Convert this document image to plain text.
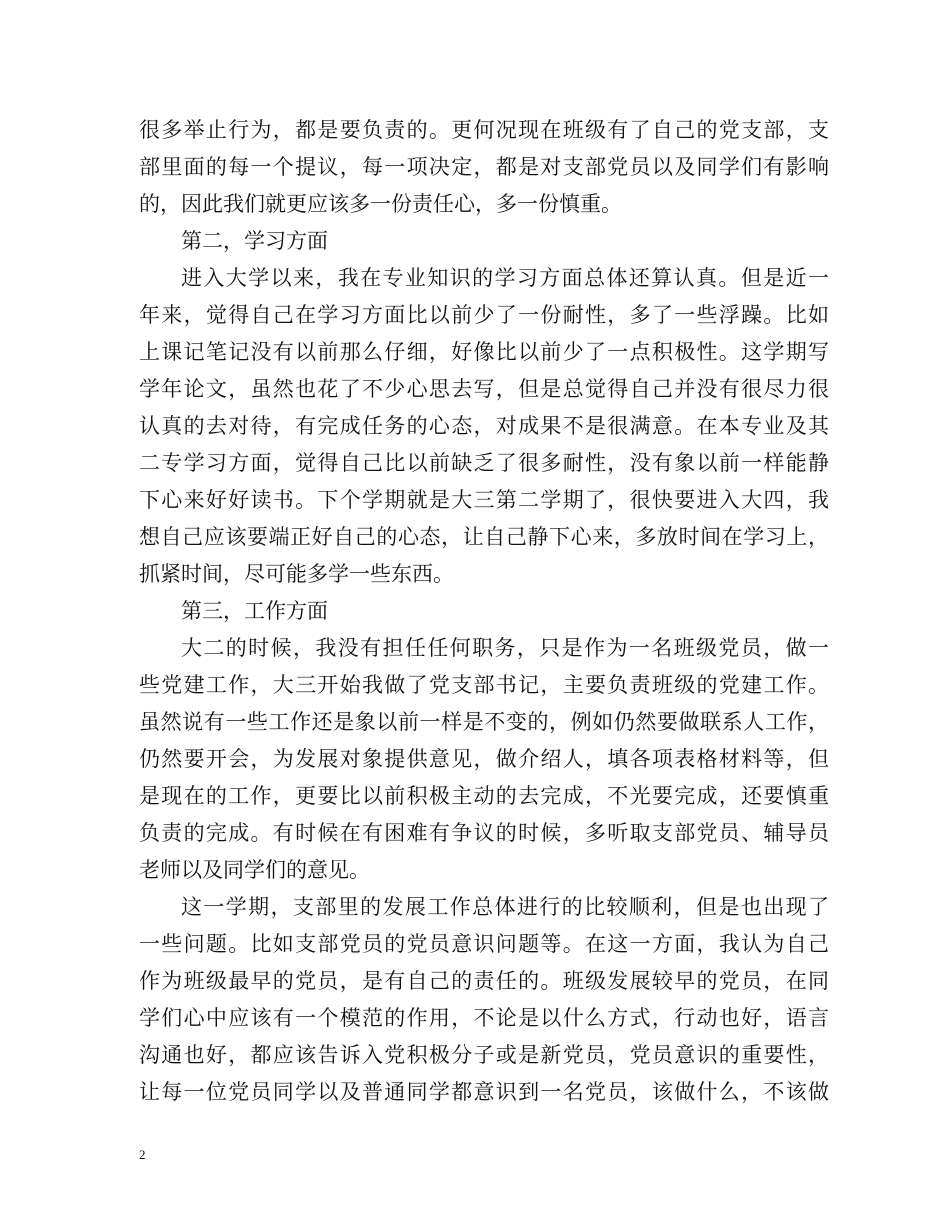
很多举止行为，都是要负责的。更何况现在班级有了自己的党支部，支
部里面的每一个提议，每一项决定，都是对支部党员以及同学们有影响
的，因此我们就更应该多一份责任心，多一份慎重。
第二，学习方面
进入大学以来，我在专业知识的学习方面总体还算认真。但是近一
年来，觉得自己在学习方面比以前少了一份耐性，多了一些浮躁。比如
上课记笔记没有以前那么仔细，好像比以前少了一点积极性。这学期写
学年论文，虽然也花了不少心思去写，但是总觉得自己并没有很尽力很
认真的去对待，有完成任务的心态，对成果不是很满意。在本专业及其
二专学习方面，觉得自己比以前缺乏了很多耐性，没有象以前一样能静
下心来好好读书。下个学期就是大三第二学期了，很快要进入大四，我
想自己应该要端正好自己的心态，让自己静下心来，多放时间在学习上，
抓紧时间，尽可能多学一些东西。
第三，工作方面
大二的时候，我没有担任任何职务，只是作为一名班级党员，做一
些党建工作，大三开始我做了党支部书记，主要负责班级的党建工作。
虽然说有一些工作还是象以前一样是不变的，例如仍然要做联系人工作，
仍然要开会，为发展对象提供意见，做介绍人，填各项表格材料等，但
是现在的工作，更要比以前积极主动的去完成，不光要完成，还要慎重
负责的完成。有时候在有困难有争议的时候，多听取支部党员、辅导员
老师以及同学们的意见。
这一学期，支部里的发展工作总体进行的比较顺利，但是也出现了
一些问题。比如支部党员的党员意识问题等。在这一方面，我认为自己
作为班级最早的党员，是有自己的责任的。班级发展较早的党员，在同
学们心中应该有一个模范的作用，不论是以什么方式，行动也好，语言
沟通也好，都应该告诉入党积极分子或是新党员，党员意识的重要性，
让每一位党员同学以及普通同学都意识到一名党员，该做什么，不该做
2
